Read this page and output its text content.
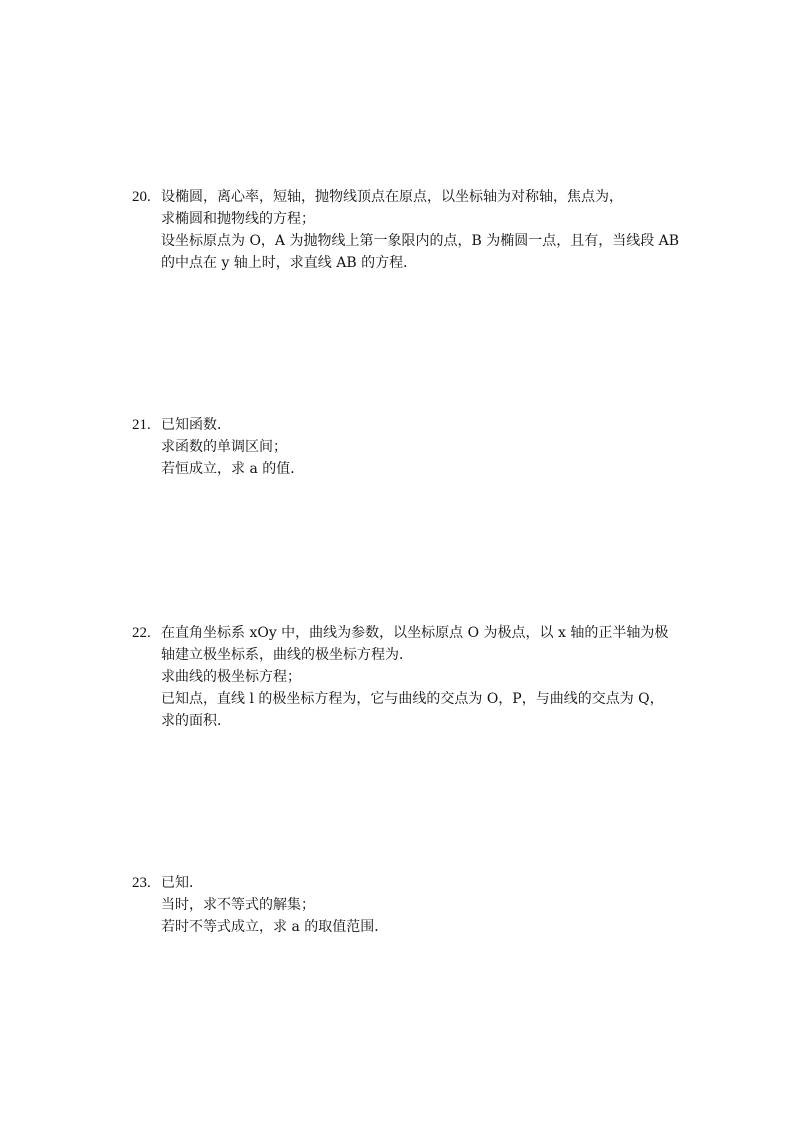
20. 设椭圆，离心率，短轴，抛物线顶点在原点，以坐标轴为对称轴，焦点为，
求椭圆和抛物线的方程；
设坐标原点为 O，A 为抛物线上第一象限内的点，B 为椭圆一点，且有，当线段 AB
的中点在 y 轴上时，求直线 AB 的方程．
21. 已知函数．
求函数的单调区间；
若恒成立，求 a 的值．
22. 在直角坐标系 xOy 中，曲线为参数，以坐标原点 O 为极点，以 x 轴的正半轴为极
轴建立极坐标系，曲线的极坐标方程为．
求曲线的极坐标方程；
已知点，直线 l 的极坐标方程为，它与曲线的交点为 O，P，与曲线的交点为 Q，
求的面积．
23. 已知．
当时，求不等式的解集；
若时不等式成立，求 a 的取值范围．
